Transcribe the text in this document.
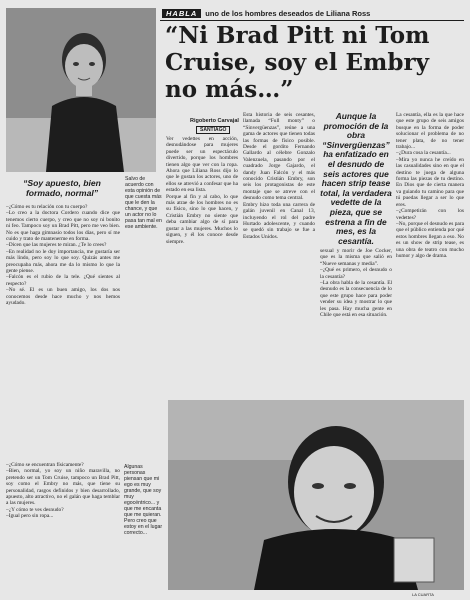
Salvo de acuerdo con esta opinión de que cuesta más que le den la chance, y que un actor no lo pasa tan mal en ese ambiente.
“Soy apuesto, bien formado, normal”
–¿Cómo es tu relación con tu cuerpo?
–Lo creo a la doctora Cordero cuando dice que tenemos cierto cuerpo, y creo que no soy ni bonito ni feo. Tampoco soy un Brad Pitt, pero me veo bien. No es que haga gimnasio todos los días, pero sí me cuido y trato de mantenerme en forma.
–Dicen que las mujeres te miran. ¿Te lo crees?
–En realidad no le doy importancia, me gustaría ser más lindo, pero soy lo que soy. Quizás antes me preocupaba más, ahora me da lo mismo lo que la gente piense.
–Falcón es el rubio de la tele. ¿Qué sientes al respecto?
–No sé. El es un buen amigo, los dos nos conocemos desde hace mucho y nos hemos ayudado.
HABLA	uno de los hombres deseados de Liliana Ross
“Ni Brad Pitt ni Tom Cruise, soy el Embry no más…”
Rigoberto Carvajal
SANTIAGO
Ver vedettes en acción, desnudándose para mujeres puede ser un espectáculo divertido, porque los hombres tienen algo que ver con la ropa. Ahora que Liliana Ross dijo lo que le gustan los actores, uno de ellos se atrevió a confesar que ha estado en esa lista.
Porque al fin y al cabo, lo que más atrae de los hombres no es su físico, sino lo que hacen, y Cristián Embry no siente que deba cambiar algo de sí para gustar a las mujeres. Muchos lo siguen, y él los conoce desde siempre.
Esta historia de seis cesantes, llamada “Full monty” o “Sinvergüenzas”, reúne a una gama de actores que tienen todas las formas de físico posible. Desde el gordito Fernando Gallardo al célebre Gonzalo Valenzuela, pasando por el cuadrado Jorge Gajardo, el dandy Juan Falcón y el más conocido Cristián Embry, son seis los protagonistas de este montaje que se atreve con el desnudo como tema central.
Embry hizo toda una carrera de galán juvenil en Canal 13, incluyendo el rol del padre Hurtado adolescente, y cuando se quedó sin trabajo se fue a Estados Unidos.
Aunque la promoción de la obra “Sinvergüenzas” ha enfatizado en el desnudo de seis actores que hacen strip tease total, la verdadera vedette de la pieza, que se estrena a fin de mes, es la cesantía.
La cesantía, ella es la que hace que este grupo de seis amigos busque en la forma de poder solucionar el problema de no tener plata, de no tener trabajo...
–¿Dura cosa la cesantía...
–Mira yo nunca he creído en las casualidades sino en que el destino te juega de alguna forma las piezas de tu destino. En Dios que de cierta manera va guiando tu camino para que tú puedas llegar a ser lo que eres.
–¿Competirán con los vedettes?
–No, porque el desnudo es para que el público entienda por qué estos hombres llegan a eso. No es un show de strip tease, es una obra de teatro con mucho humor y algo de drama.
sexual y morir de Joe Cocker, que es la misma que salió en “Nueve semanas y media”.
–¿Qué es primero, el desnudo o la cesantía?
–La obra habla de la cesantía. El desnudo es la consecuencia de lo que este grupo hace para poder vender su idea y mostrar lo que les pasa. Hay mucha gente en Chile que está en esa situación.
Algunas personas piensan que mi ego es muy grande, que soy muy egocéntrico... y que me encanta que me quieran. Pero creo que estoy en el lugar correcto...
–¿Cómo se encuentran físicamente?
–Bien, normal, yo soy un niño maravilla, no pretendo ser un Tom Cruise, tampoco un Brad Pitt, soy como el Embry no más, que tiene su personalidad, rasgos definidos y bien desarrollado, apuesto, alto atractivo, no el galán que haga temblar a las mujeres.
–¿Y cómo te ves desnudo?
–Igual pero sin ropa...
LA CUARTA
